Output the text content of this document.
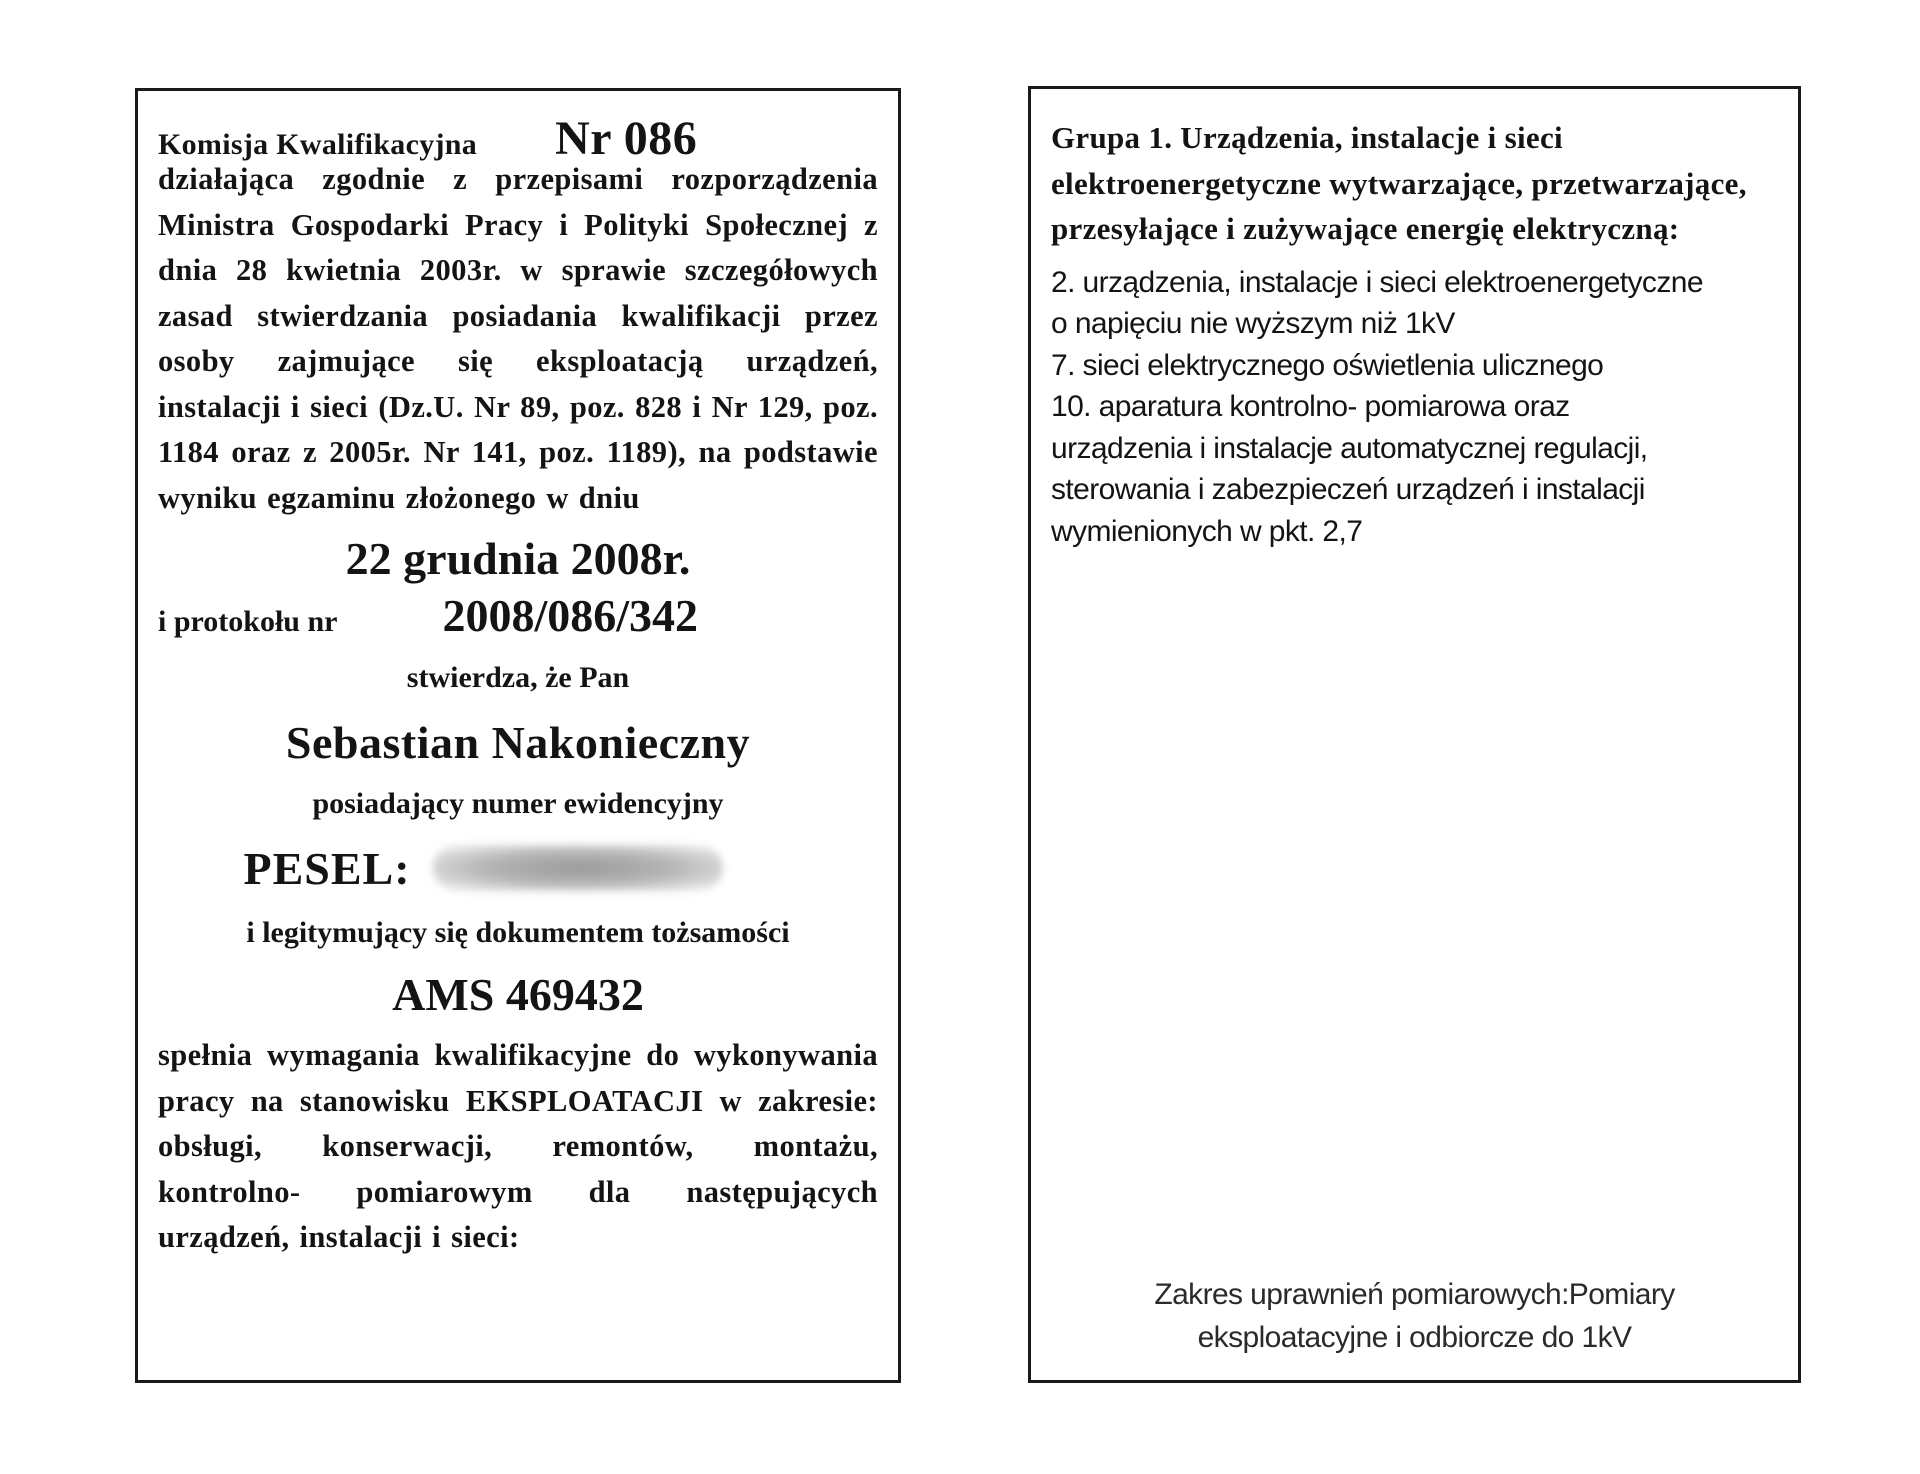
Komisja Kwalifikacyjna Nr 086
działająca zgodnie z przepisami rozporządzenia Ministra Gospodarki Pracy i Polityki Społecznej z dnia 28 kwietnia 2003r. w sprawie szczegółowych zasad stwierdzania posiadania kwalifikacji przez osoby zajmujące się eksploatacją urządzeń, instalacji i sieci (Dz.U. Nr 89, poz. 828 i Nr 129, poz. 1184 oraz z 2005r. Nr 141, poz. 1189), na podstawie wyniku egzaminu złożonego w dniu
22 grudnia 2008r.
i protokołu nr 2008/086/342
stwierdza, że Pan
Sebastian Nakonieczny
posiadający numer ewidencyjny
PESEL:
i legitymujący się dokumentem tożsamości
AMS 469432
spełnia wymagania kwalifikacyjne do wykonywania pracy na stanowisku EKSPLOATACJI w zakresie: obsługi, konserwacji, remontów, montażu, kontrolno- pomiarowym dla następujących urządzeń, instalacji i sieci:
Grupa 1. Urządzenia, instalacje i sieci elektroenergetyczne wytwarzające, przetwarzające, przesyłające i zużywające energię elektryczną:
2. urządzenia, instalacje i sieci elektroenergetyczne
o napięciu nie wyższym niż 1kV
7. sieci elektrycznego oświetlenia ulicznego
10. aparatura kontrolno- pomiarowa oraz
urządzenia i instalacje automatycznej regulacji,
sterowania i zabezpieczeń urządzeń i instalacji
wymienionych w pkt. 2,7
Zakres uprawnień pomiarowych:Pomiary
eksploatacyjne i odbiorcze do 1kV
